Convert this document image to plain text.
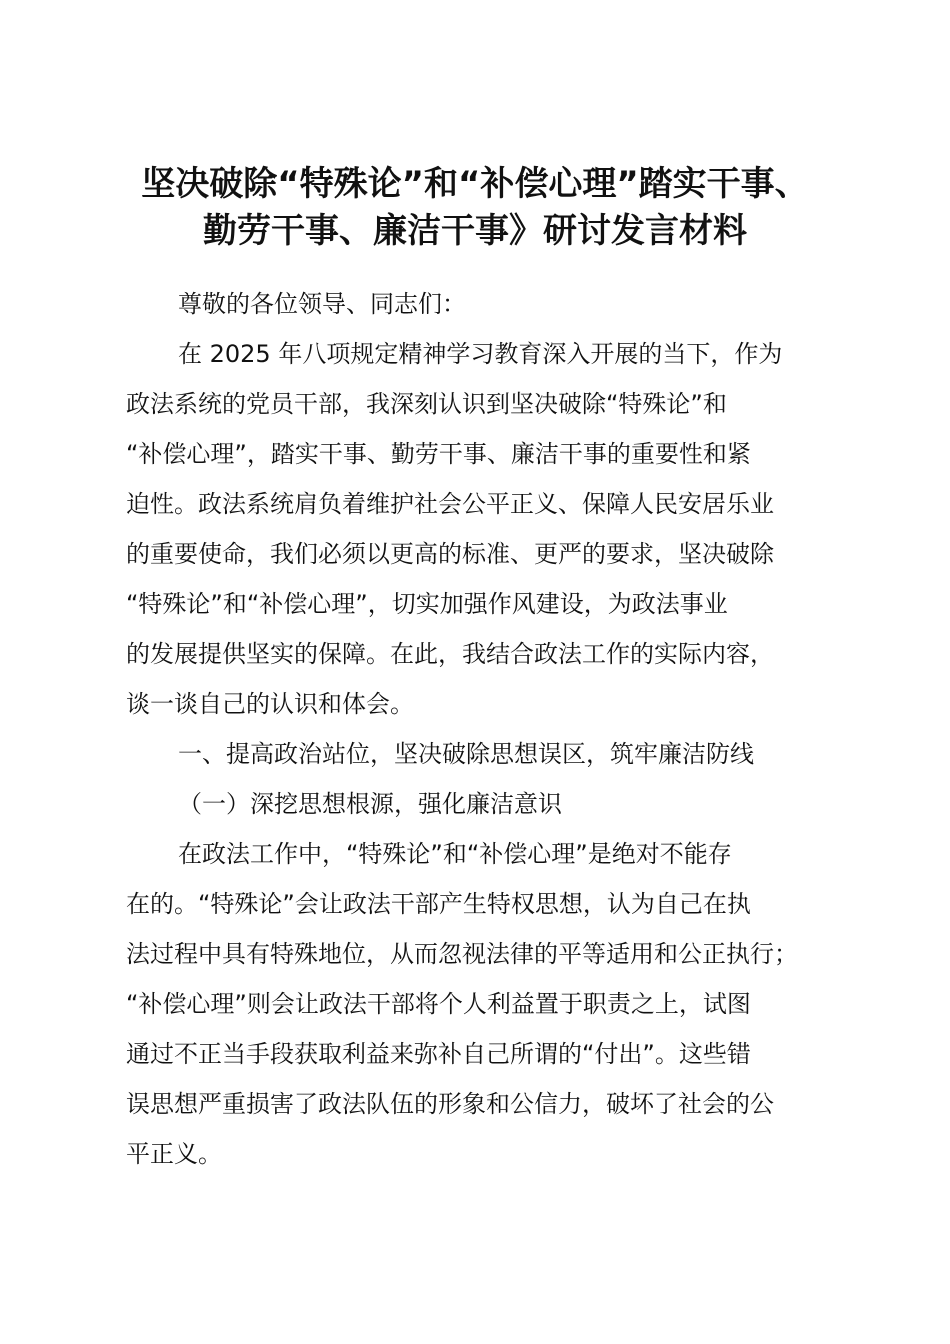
坚决破除“特殊论”和“补偿心理”踏实干事、
勤劳干事、廉洁干事》研讨发言材料
尊敬的各位领导、同志们：
在 2025 年八项规定精神学习教育深入开展的当下，作为
政法系统的党员干部，我深刻认识到坚决破除“特殊论”和
“补偿心理”，踏实干事、勤劳干事、廉洁干事的重要性和紧
迫性。政法系统肩负着维护社会公平正义、保障人民安居乐业
的重要使命，我们必须以更高的标准、更严的要求，坚决破除
“特殊论”和“补偿心理”，切实加强作风建设，为政法事业
的发展提供坚实的保障。在此，我结合政法工作的实际内容，
谈一谈自己的认识和体会。
一、提高政治站位，坚决破除思想误区，筑牢廉洁防线
（一）深挖思想根源，强化廉洁意识
在政法工作中，“特殊论”和“补偿心理”是绝对不能存
在的。“特殊论”会让政法干部产生特权思想，认为自己在执
法过程中具有特殊地位，从而忽视法律的平等适用和公正执行；
“补偿心理”则会让政法干部将个人利益置于职责之上，试图
通过不正当手段获取利益来弥补自己所谓的“付出”。这些错
误思想严重损害了政法队伍的形象和公信力，破坏了社会的公
平正义。
